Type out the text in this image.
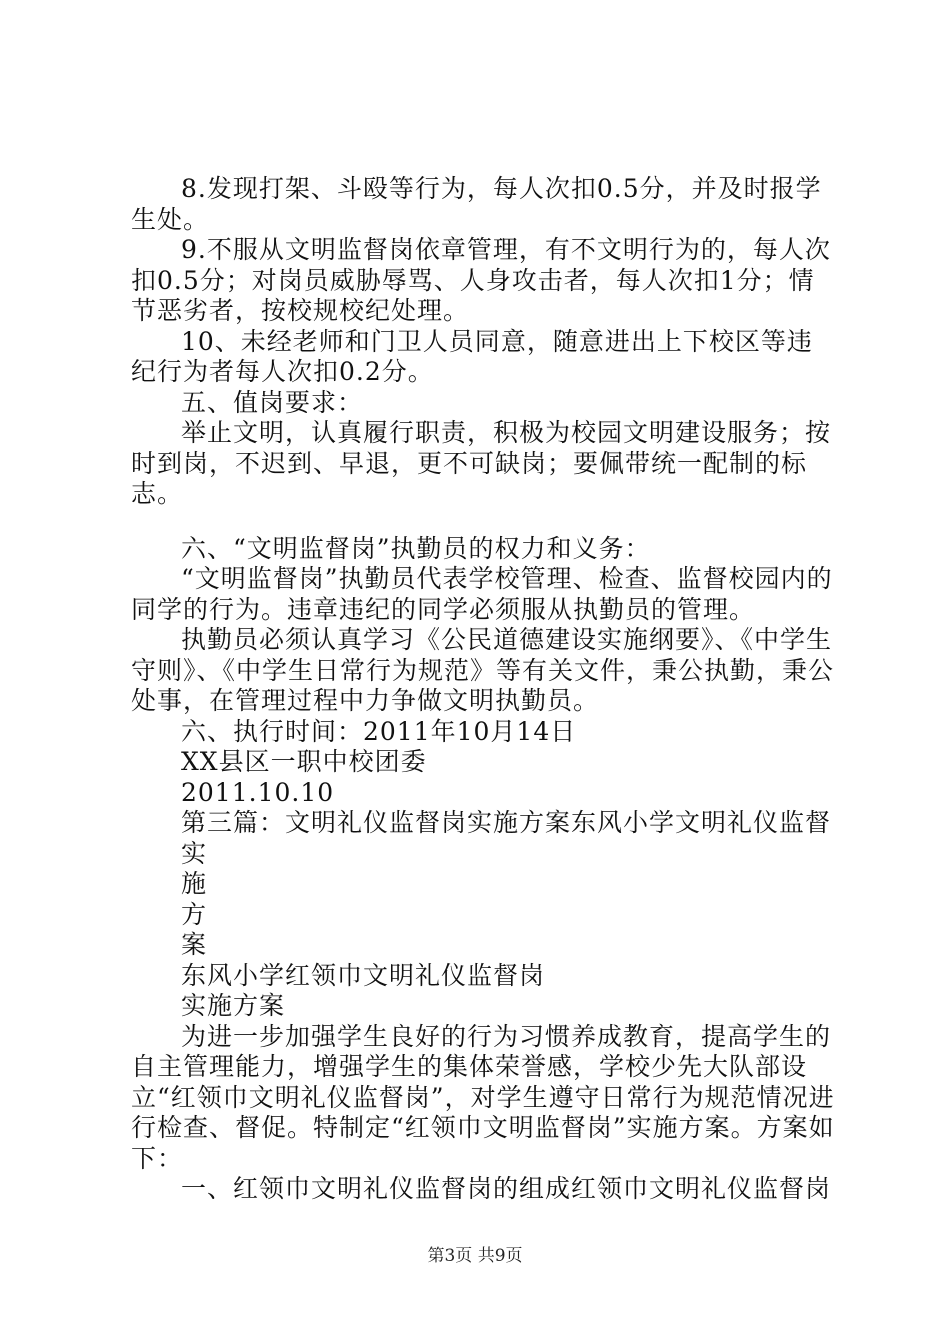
8.发现打架、斗殴等行为，每人次扣0.5分，并及时报学生处。

9.不服从文明监督岗依章管理，有不文明行为的，每人次扣0.5分；对岗员威胁辱骂、人身攻击者，每人次扣1分；情节恶劣者，按校规校纪处理。

10、未经老师和门卫人员同意，随意进出上下校区等违纪行为者每人次扣0.2分。

五、值岗要求：

举止文明，认真履行职责，积极为校园文明建设服务；按时到岗，不迟到、早退，更不可缺岗；要佩带统一配制的标志。

六、“文明监督岗”执勤员的权力和义务：

“文明监督岗”执勤员代表学校管理、检查、监督校园内的同学的行为。违章违纪的同学必须服从执勤员的管理。

执勤员必须认真学习《公民道德建设实施纲要》、《中学生守则》、《中学生日常行为规范》等有关文件，秉公执勤，秉公处事，在管理过程中力争做文明执勤员。

六、执行时间：2011年10月14日

XX县区一职中校团委

2011.10.10

第三篇：文明礼仪监督岗实施方案东风小学文明礼仪监督

实

施

方

案

东风小学红领巾文明礼仪监督岗

实施方案

为进一步加强学生良好的行为习惯养成教育，提高学生的自主管理能力，增强学生的集体荣誉感，学校少先大队部设立“红领巾文明礼仪监督岗”，对学生遵守日常行为规范情况进行检查、督促。特制定“红领巾文明监督岗”实施方案。方案如下：

一、红领巾文明礼仪监督岗的组成红领巾文明礼仪监督岗

第3页 共9页
